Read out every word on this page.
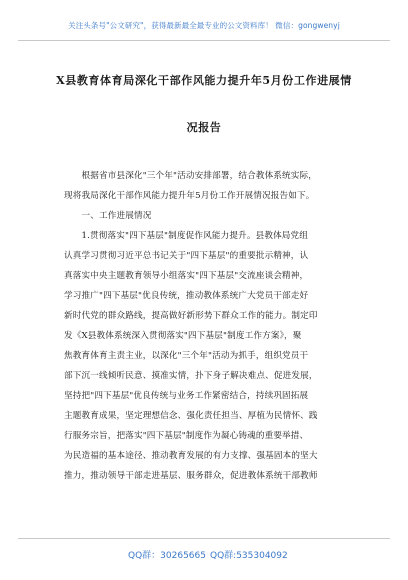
关注头条号"公文研究"，获得最新最全最专业的公文资料库！ 微信：gongwenyj
X县教育体育局深化干部作风能力提升年5月份工作进展情
况报告
　　根据省市县深化"三个年"活动安排部署，结合教体系统实际，
现将我局深化干部作风能力提升年5月份工作开展情况报告如下。
　　一、工作进展情况
　　1.贯彻落实"四下基层"制度促作风能力提升。县教体局党组
认真学习贯彻习近平总书记关于"四下基层"的重要批示精神，认
真落实中央主题教育领导小组落实"四下基层"交流座谈会精神，
学习推广"四下基层"优良传统，推动教体系统广大党员干部走好
新时代党的群众路线，提高做好新形势下群众工作的能力。制定印
发《X县教体系统深入贯彻落实"四下基层"制度工作方案》，聚
焦教育体育主责主业，以深化"三个年"活动为抓手，组织党员干
部下沉一线倾听民意、摸准实情，扑下身子解决难点、促进发展，
坚持把"四下基层"优良传统与业务工作紧密结合，持续巩固拓展
主题教育成果，坚定理想信念、强化责任担当、厚植为民情怀、践
行服务宗旨，把落实"四下基层"制度作为凝心铸魂的重要举措、
为民造福的基本途径、推动教育发展的有力支撑、强基固本的坚大
推力，推动领导干部走进基层、服务群众，促进教体系统干部教师
QQ群：30265665 QQ群:535304092
